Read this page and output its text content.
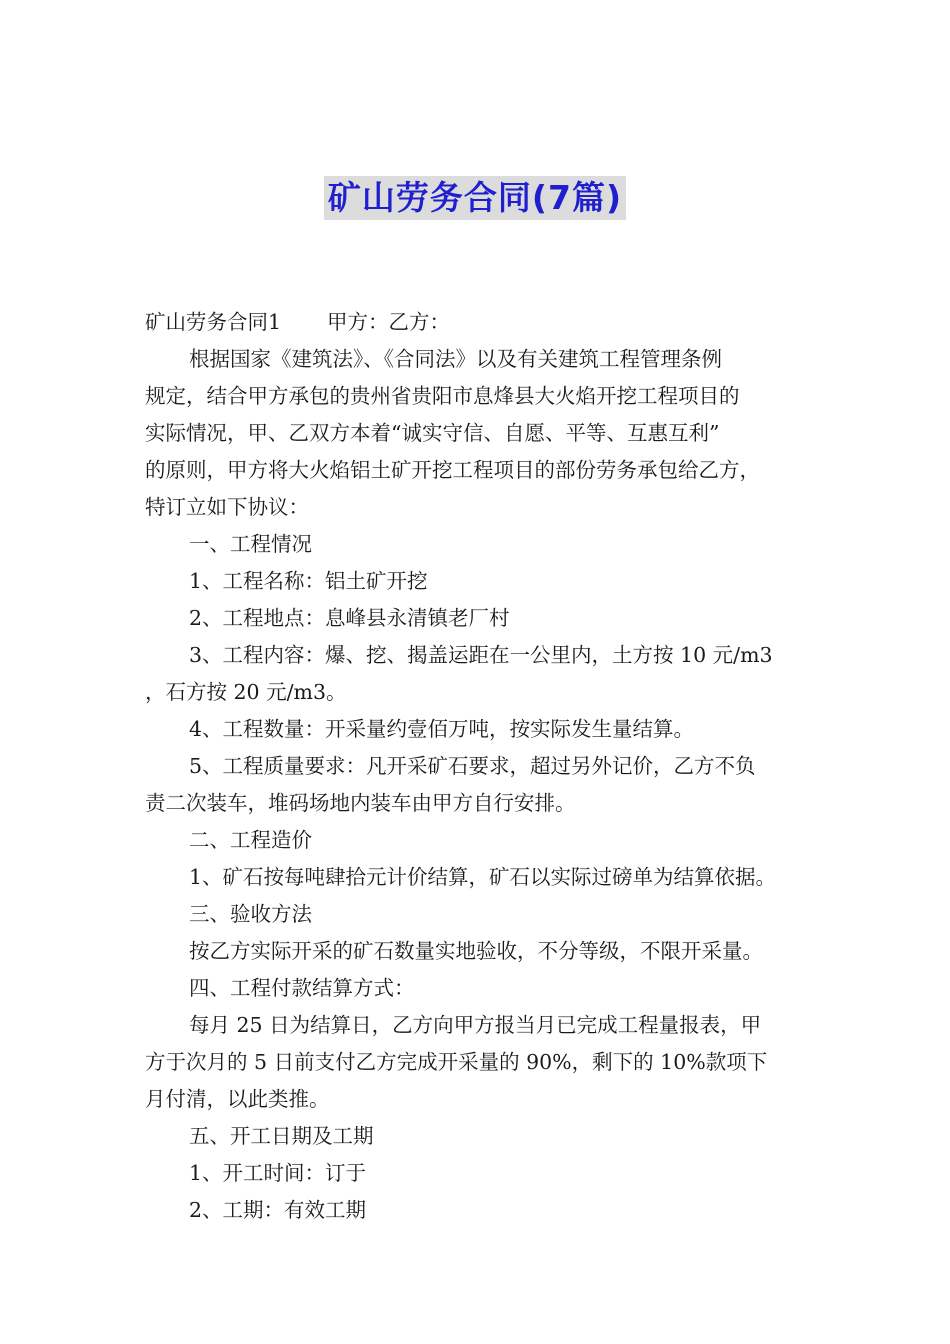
矿山劳务合同(7篇)
矿山劳务合同1 甲方：乙方：
根据国家《建筑法》、《合同法》以及有关建筑工程管理条例
规定，结合甲方承包的贵州省贵阳市息烽县大火焰开挖工程项目的
实际情况，甲、乙双方本着“诚实守信、自愿、平等、互惠互利”
的原则，甲方将大火焰铝土矿开挖工程项目的部份劳务承包给乙方，
特订立如下协议：
一、工程情况
1、工程名称：铝土矿开挖
2、工程地点：息峰县永清镇老厂村
3、工程内容：爆、挖、揭盖运距在一公里内，土方按 10 元/m3
，石方按 20 元/m3。
4、工程数量：开采量约壹佰万吨，按实际发生量结算。
5、工程质量要求：凡开采矿石要求，超过另外记价，乙方不负
责二次装车，堆码场地内装车由甲方自行安排。
二、工程造价
1、矿石按每吨肆拾元计价结算，矿石以实际过磅单为结算依据。
三、验收方法
按乙方实际开采的矿石数量实地验收，不分等级，不限开采量。
四、工程付款结算方式：
每月 25 日为结算日，乙方向甲方报当月已完成工程量报表，甲
方于次月的 5 日前支付乙方完成开采量的 90%，剩下的 10%款项下
月付清，以此类推。
五、开工日期及工期
1、开工时间：订于
2、工期：有效工期
